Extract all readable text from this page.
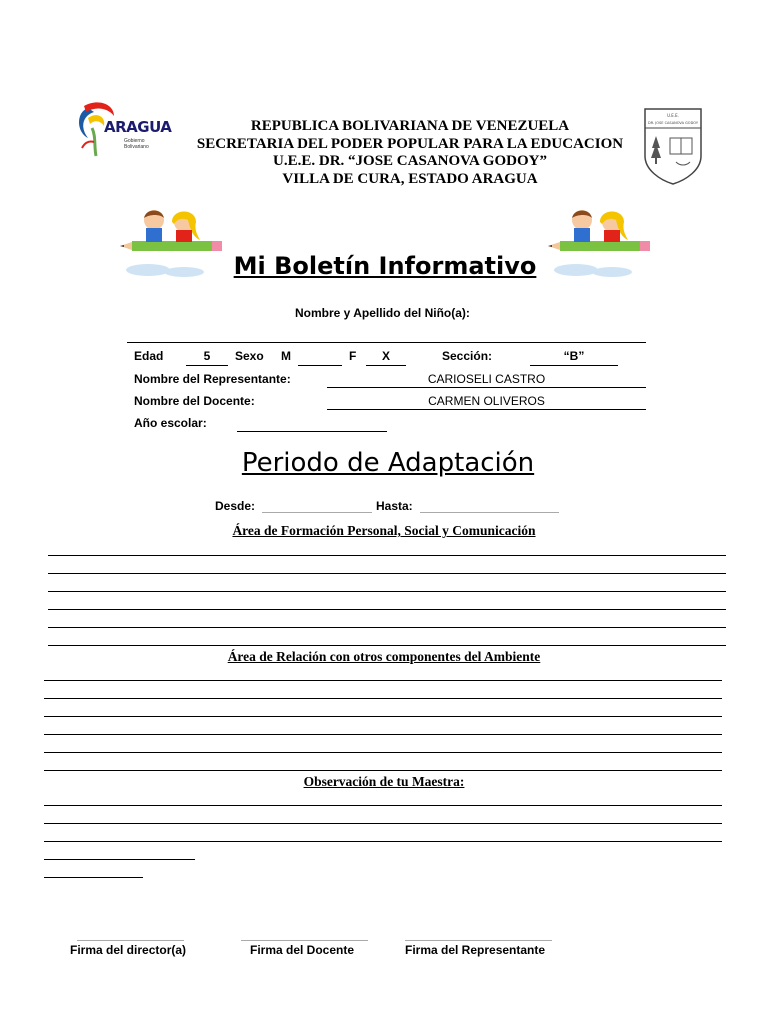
ARAGUA
Gobierno Bolivariano
REPUBLICA BOLIVARIANA DE VENEZUELA
SECRETARIA DEL PODER POPULAR PARA LA EDUCACION
U.E.E. DR. “JOSE CASANOVA GODOY”
VILLA DE CURA, ESTADO ARAGUA
U.E.E.
DR. JOSE CASANOVA GODOY
Mi Boletín Informativo
Nombre y Apellido del Niño(a):
Edad	5	Sexo M	F	X	Sección:	“B”
Nombre del Representante:	CARIOSELI CASTRO
Nombre del Docente:	CARMEN OLIVEROS
Año escolar:
Periodo de Adaptación
Desde:	Hasta:
Área de Formación Personal, Social y Comunicación
Área de Relación con otros componentes del Ambiente
Observación de tu Maestra:
Firma del director(a)	Firma del Docente	Firma del Representante
